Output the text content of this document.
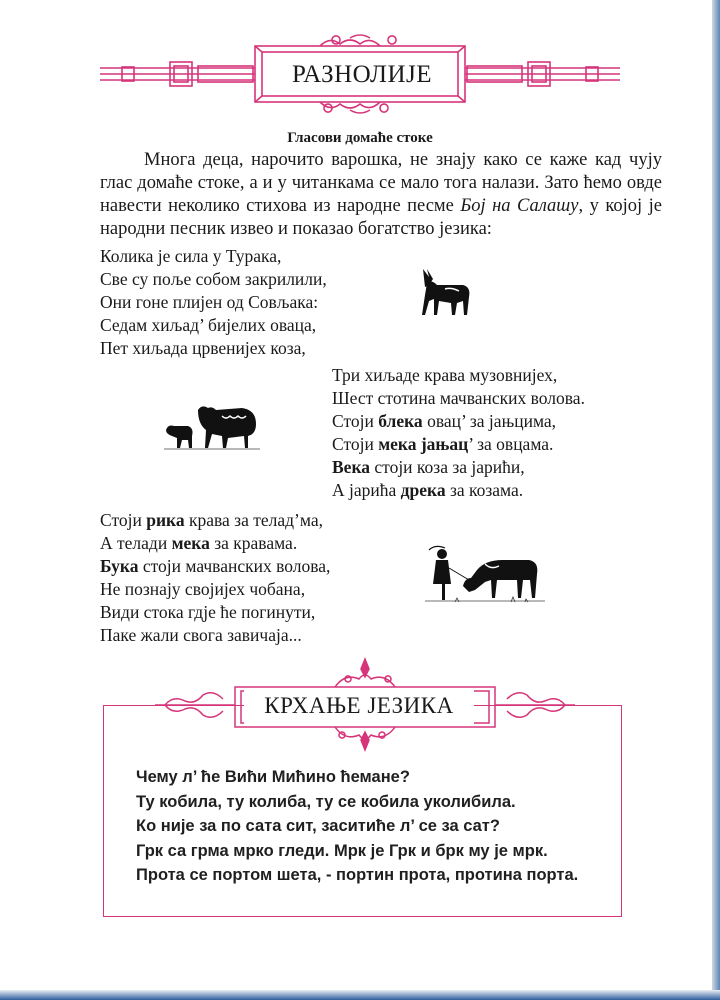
РАЗНОЛИЈЕ
Гласови домаће стоке

Многа деца, нарочито варошка, не знају како се каже кад чују глас домаће стоке, а и у читанкама се мало тога налази. Зато ћемо овде навести неколико стихова из народне песме Бој на Салашу, у којој је народни песник извео и показао богатство језика:

Колика је сила у Турака,
Све су поље собом закрилили,
Они гоне плијен од Совљака:
Седам хиљад’ бијелих оваца,
Пет хиљада црвенијех коза,
Три хиљаде крава музовнијех,
Шест стотина мачванских волова.
Стоји блека овац’ за јањцима,
Стоји мека јањац’ за овцама.
Века стоји коза за јарићи,
А јарића дрека за козама.
Стоји рика крава за телад’ма,
А телади мека за кравама.
Бука стоји мачванских волова,
Не познају својијех чобана,
Види стока гдје ће погинути,
Паке жали свога завичаја...
КРХАЊЕ ЈЕЗИКА
Чему л’ ће Вићи Мићино ћемане?
Ту кобила, ту колиба, ту се кобила уколибила.
Ко није за по сата сит, заситиће л’ се за сат?
Грк са грма мрко гледи. Мрк је Грк и брк му је мрк.
Прота се портом шета, - портин прота, протина порта.
